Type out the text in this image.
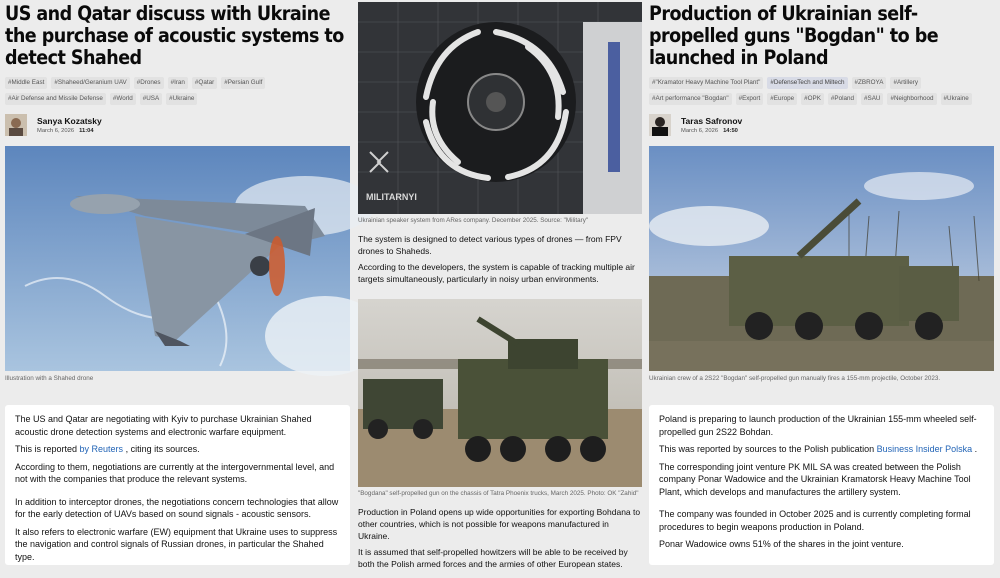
US and Qatar discuss with Ukraine the purchase of acoustic systems to detect Shahed
#Middle East	#Shaheed/Geranium UAV	#Drones	#Iran	#Qatar	#Persian Gulf
#Air Defense and Missile Defense	#World	#USA	#Ukraine
Sanya Kozatsky
March 6, 2026 11:04
Illustration with a Shahed drone

The US and Qatar are negotiating with Kyiv to purchase Ukrainian Shahed acoustic drone detection systems and electronic warfare equipment.

This is reported by Reuters , citing its sources.

According to them, negotiations are currently at the intergovernmental level, and not with the companies that produce the relevant systems.

In addition to interceptor drones, the negotiations concern technologies that allow for the early detection of UAVs based on sound signals - acoustic sensors.

It also refers to electronic warfare (EW) equipment that Ukraine uses to suppress the navigation and control signals of Russian drones, in particular the Shahed type.

MILITARNYI
Ukrainian speaker system from ARes company. December 2025. Source: "Military"

The system is designed to detect various types of drones — from FPV drones to Shaheds.

According to the developers, the system is capable of tracking multiple air targets simultaneously, particularly in noisy urban environments.

"Bogdana" self-propelled gun on the chassis of Tatra Phoenix trucks, March 2025. Photo: OK "Zahid"

Production in Poland opens up wide opportunities for exporting Bohdana to other countries, which is not possible for weapons manufactured in Ukraine.

It is assumed that self-propelled howitzers will be able to be received by both the Polish armed forces and the armies of other European states.

Production of Ukrainian self-propelled guns "Bogdan" to be launched in Poland
#"Kramator Heavy Machine Tool Plant"	#DefenseTech and Miltech	#ZBROYA	#Artillery
#Art performance "Bogdan"	#Export	#Europe	#OPK	#Poland	#SAU	#Neighborhood	#Ukraine
Taras Safronov
March 6, 2026 14:50
Ukrainian crew of a 2S22 "Bogdan" self-propelled gun manually fires a 155-mm projectile, October 2023.

Poland is preparing to launch production of the Ukrainian 155-mm wheeled self-propelled gun 2S22 Bohdan.

This was reported by sources to the Polish publication Business Insider Polska .

The corresponding joint venture PK MIL SA was created between the Polish company Ponar Wadowice and the Ukrainian Kramatorsk Heavy Machine Tool Plant, which develops and manufactures the artillery system.

The company was founded in October 2025 and is currently completing formal procedures to begin weapons production in Poland.

Ponar Wadowice owns 51% of the shares in the joint venture.
